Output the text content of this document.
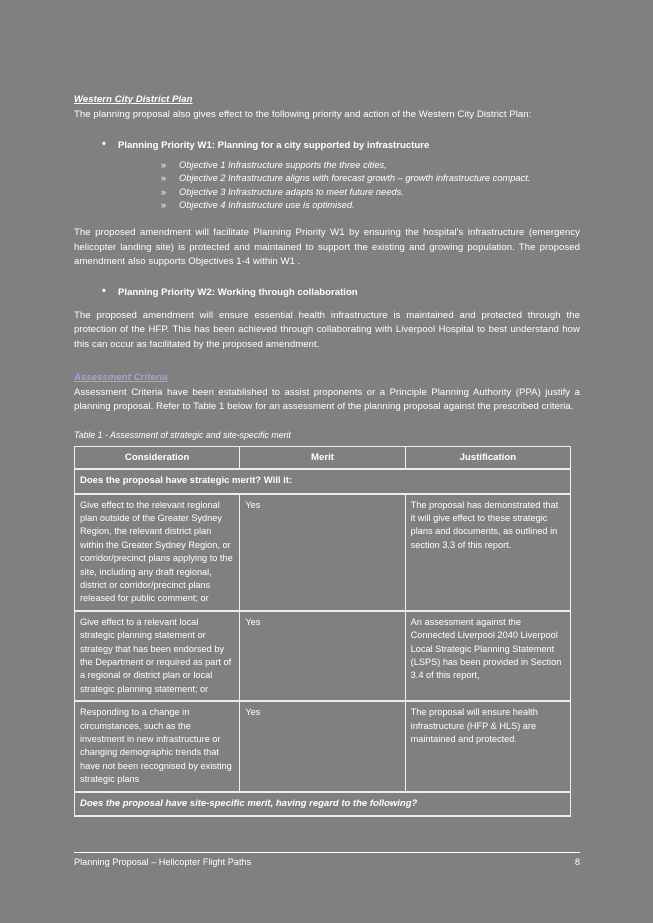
Western City District Plan

The planning proposal also gives effect to the following priority and action of the Western City District Plan:

• Planning Priority W1: Planning for a city supported by infrastructure
» Objective 1 Infrastructure supports the three cities,
» Objective 2 Infrastructure aligns with forecast growth – growth infrastructure compact.
» Objective 3 Infrastructure adapts to meet future needs.
» Objective 4 Infrastructure use is optimised.

The proposed amendment will facilitate Planning Priority W1 by ensuring the hospital's infrastructure (emergency helicopter landing site) is protected and maintained to support the existing and growing population. The proposed amendment also supports Objectives 1-4 within W1 .

• Planning Priority W2: Working through collaboration

The proposed amendment will ensure essential health infrastructure is maintained and protected through the protection of the HFP. This has been achieved through collaborating with Liverpool Hospital to best understand how this can occur as facilitated by the proposed amendment.

Assessment Criteria

Assessment Criteria have been established to assist proponents or a Principle Planning Authority (PPA) justify a planning proposal. Refer to Table 1 below for an assessment of the planning proposal against the prescribed criteria.

Table 1 - Assessment of strategic and site-specific merit
Consideration	Merit	Justification
Does the proposal have strategic merit? Will it:		
Give effect to the relevant regional plan outside of the Greater Sydney Region, the relevant district plan within the Greater Sydney Region, or corridor/precinct plans applying to the site, including any draft regional, district or corridor/precinct plans released for public comment; or	Yes	The proposal has demonstrated that it will give effect to these strategic plans and documents, as outlined in section 3.3 of this report.
Give effect to a relevant local strategic planning statement or strategy that has been endorsed by the Department or required as part of a regional or district plan or local strategic planning statement; or	Yes	An assessment against the Connected Liverpool 2040 Liverpool Local Strategic Planning Statement (LSPS) has been provided in Section 3.4 of this report,
Responding to a change in circumstances, such as the investment in new infrastructure or changing demographic trends that have not been recognised by existing strategic plans	Yes	The proposal will ensure health infrastructure (HFP & HLS) are maintained and protected.
Does the proposal have site-specific merit, having regard to the following?		
Planning Proposal – Helicopter Flight Paths	8
